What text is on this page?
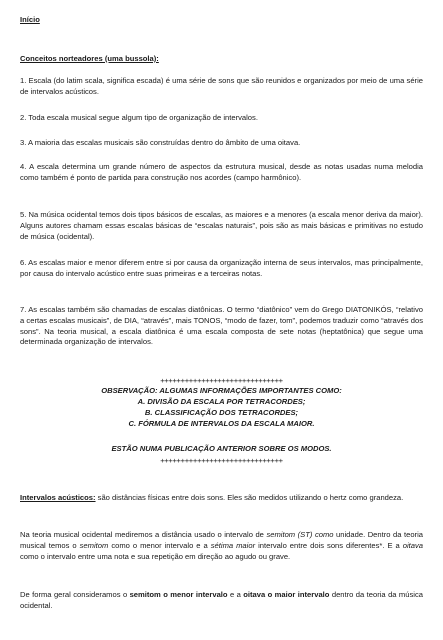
Início
Conceitos norteadores (uma bussola):

1. Escala (do latim scala, significa escada) é uma série de sons que são reunidos e organizados por meio de uma série de intervalos acústicos.

2. Toda escala musical segue algum tipo de organização de intervalos.

3. A maioria das escalas musicais são construídas dentro do âmbito de uma oitava.

4. A escala determina um grande número de aspectos da estrutura musical, desde as notas usadas numa melodia como também é ponto de partida para construção nos acordes (campo harmônico).

5. Na música ocidental temos dois tipos básicos de escalas, as maiores e a menores (a escala menor deriva da maior). Alguns autores chamam essas escalas básicas de “escalas naturais”, pois são as mais básicas e primitivas no estudo de música (ocidental).

6. As escalas maior e menor diferem entre si por causa da organização interna de seus intervalos, mas principalmente, por causa do intervalo acústico entre suas primeiras e a terceiras notas.

7. As escalas também são chamadas de escalas diatônicas. O termo “diatônico” vem do Grego DIATONIKÓS, “relativo a certas escalas musicais”, de DIA, “através”, mais TONOS, “modo de fazer, tom”, podemos traduzir como “através dos sons”. Na teoria musical, a escala diatônica é uma escala composta de sete notas (heptatônica) que segue uma determinada organização de intervalos.

++++++++++++++++++++++++++++++
OBSERVAÇÃO: ALGUMAS INFORMAÇÕES IMPORTANTES COMO:
A. DIVISÃO DA ESCALA POR TETRACORDES;
B. CLASSIFICAÇÃO DOS TETRACORDES;
C. FÓRMULA DE INTERVALOS DA ESCALA MAIOR.
ESTÃO NUMA PUBLICAÇÃO ANTERIOR SOBRE OS MODOS.
++++++++++++++++++++++++++++++

Intervalos acústicos: são distâncias físicas entre dois sons. Eles são medidos utilizando o hertz como grandeza.

Na teoria musical ocidental mediremos a distância usado o intervalo de semitom (ST) como unidade. Dentro da teoria musical temos o semitom como o menor intervalo e a sétima maior intervalo entre dois sons diferentes*. E a oitava como o intervalo entre uma nota e sua repetição em direção ao agudo ou grave.

De forma geral consideramos o semitom o menor intervalo e a oitava o maior intervalo dentro da teoria da música ocidental.
